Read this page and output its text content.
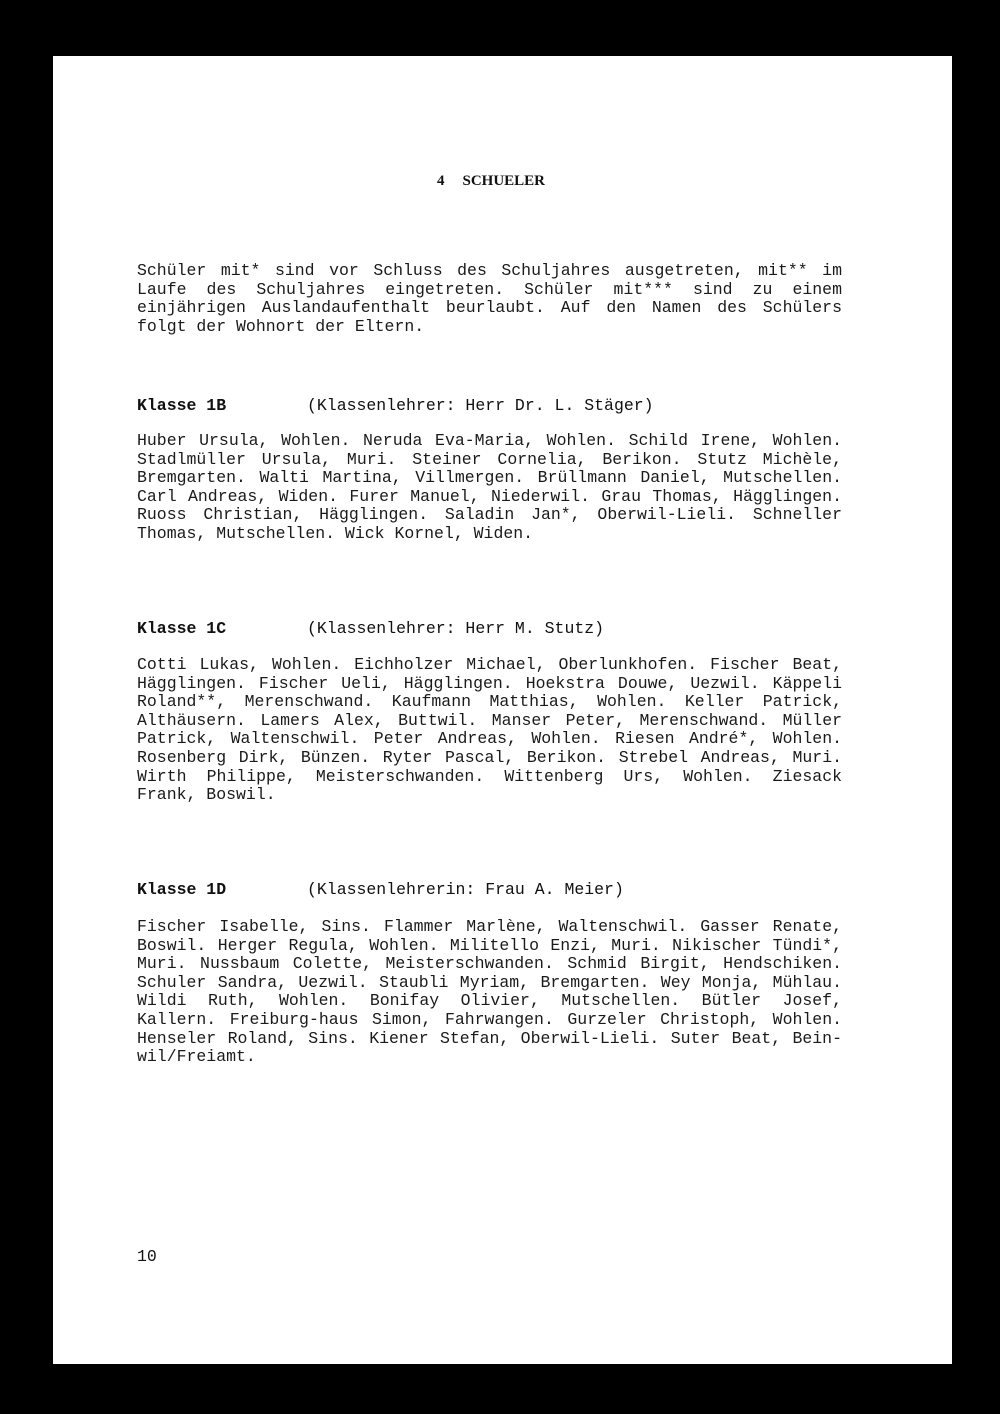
4 SCHUELER
Schüler mit* sind vor Schluss des Schuljahres ausgetreten, mit** im Laufe des Schuljahres eingetreten. Schüler mit*** sind zu einem einjährigen Auslandaufenthalt beurlaubt. Auf den Namen des Schülers folgt der Wohnort der Eltern.
Klasse 1B	(Klassenlehrer: Herr Dr. L. Stäger)
Huber Ursula, Wohlen. Neruda Eva-Maria, Wohlen. Schild Irene, Wohlen. Stadlmüller Ursula, Muri. Steiner Cornelia, Berikon. Stutz Michèle, Bremgarten. Walti Martina, Villmergen. Brüllmann Daniel, Mutschellen. Carl Andreas, Widen. Furer Manuel, Niederwil. Grau Thomas, Hägglingen. Ruoss Christian, Hägglingen. Saladin Jan*, Oberwil-Lieli. Schneller Thomas, Mutschellen. Wick Kornel, Widen.
Klasse 1C	(Klassenlehrer: Herr M. Stutz)
Cotti Lukas, Wohlen. Eichholzer Michael, Oberlunkhofen. Fischer Beat, Hägglingen. Fischer Ueli, Hägglingen. Hoekstra Douwe, Uezwil. Käppeli Roland**, Merenschwand. Kaufmann Matthias, Wohlen. Keller Patrick, Althäusern. Lamers Alex, Buttwil. Manser Peter, Merenschwand. Müller Patrick, Waltenschwil. Peter Andreas, Wohlen. Riesen André*, Wohlen. Rosenberg Dirk, Bünzen. Ryter Pascal, Berikon. Strebel Andreas, Muri. Wirth Philippe, Meisterschwanden. Wittenberg Urs, Wohlen. Ziesack Frank, Boswil.
Klasse 1D	(Klassenlehrerin: Frau A. Meier)
Fischer Isabelle, Sins. Flammer Marlène, Waltenschwil. Gasser Renate, Boswil. Herger Regula, Wohlen. Militello Enzi, Muri. Nikischer Tündi*, Muri. Nussbaum Colette, Meisterschwanden. Schmid Birgit, Hendschiken. Schuler Sandra, Uezwil. Staubli Myriam, Bremgarten. Wey Monja, Mühlau. Wildi Ruth, Wohlen. Bonifay Olivier, Mutschellen. Bütler Josef, Kallern. Freiburg-haus Simon, Fahrwangen. Gurzeler Christoph, Wohlen. Henseler Roland, Sins. Kiener Stefan, Oberwil-Lieli. Suter Beat, Bein-wil/Freiamt.
10
